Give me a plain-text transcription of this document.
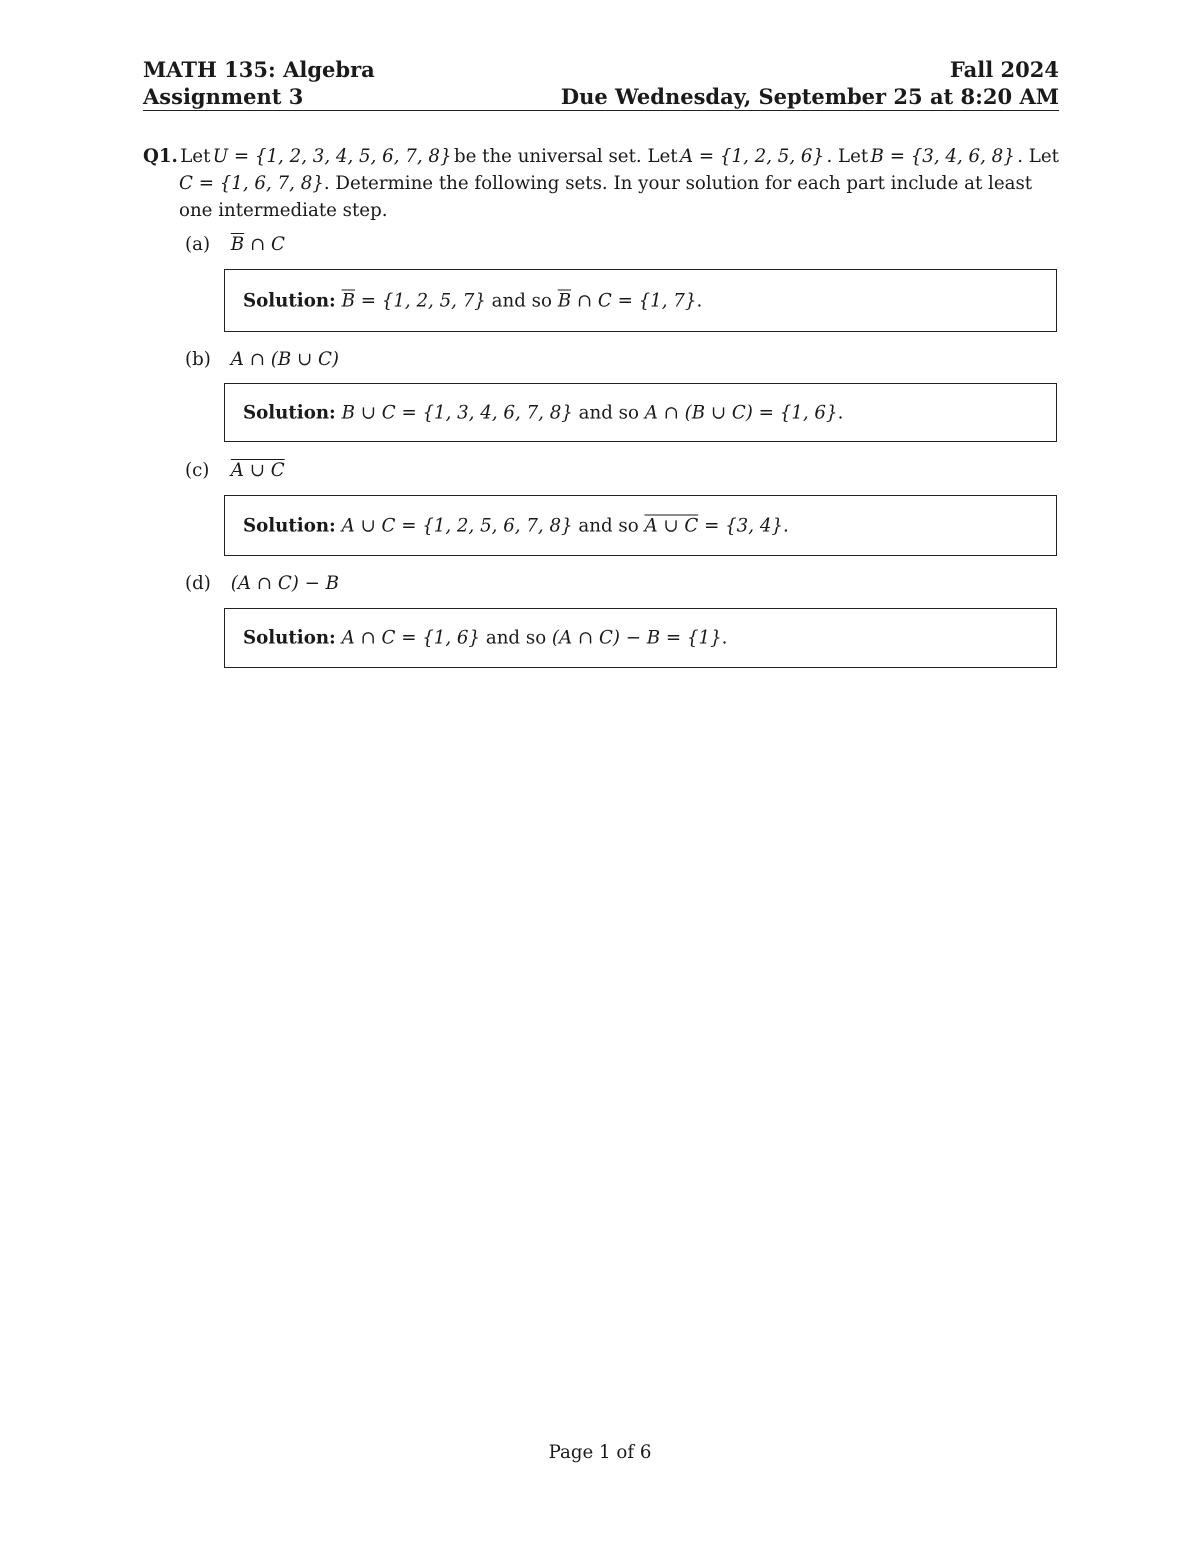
MATH 135: Algebra	Fall 2024
Assignment 3	Due Wednesday, September 25 at 8:20 AM
Q1. Let U = {1, 2, 3, 4, 5, 6, 7, 8} be the universal set. Let A = {1, 2, 5, 6} . Let B = {3, 4, 6, 8} . Let
C = {1, 6, 7, 8}. Determine the following sets. In your solution for each part include at least
one intermediate step.
(a) $\overline{B}$ ∩ C
Solution: $\overline{B} = \{1$, 2, 5, 7} and so $\overline{B}$ ∩ C = {1, 7}.
(b) A ∩ (B ∪ C)
Solution: B ∪ C = {1, 3, 4, 6, 7, 8} and so A ∩ (B ∪ C) = {1, 6}.
(c) A ∪ C
Solution: A ∪ C = {1, 2, 5, 6, 7, 8} and so A ∪ C = {3, 4}.
(d) (A ∩ C) − B
Solution: A ∩ C = {1, 6} and so (A ∩ C) − B = {1}.
Page 1 of 6
